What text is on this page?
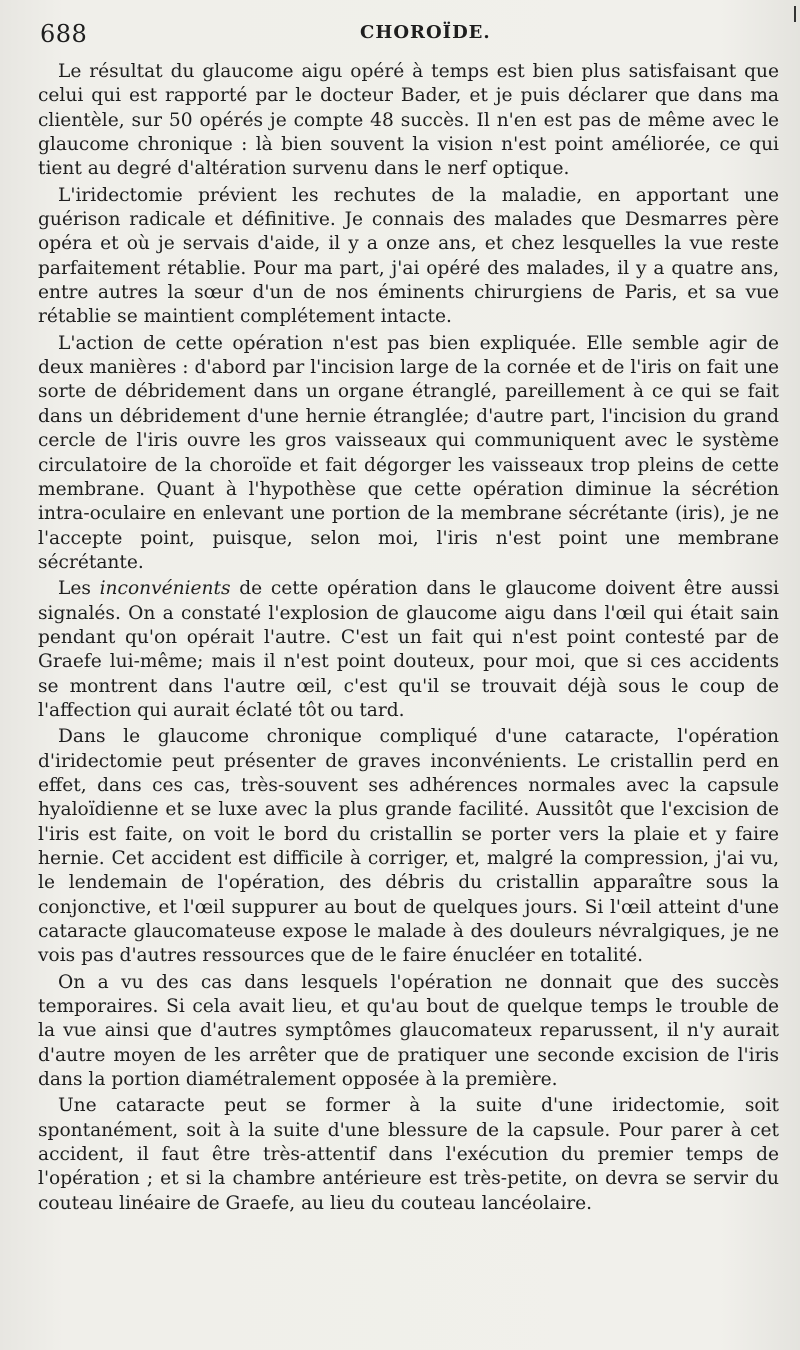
688	CHOROÏDE.

Le résultat du glaucome aigu opéré à temps est bien plus satisfaisant que celui qui est rapporté par le docteur Bader, et je puis déclarer que dans ma clientèle, sur 50 opérés je compte 48 succès. Il n'en est pas de même avec le glaucome chronique : là bien souvent la vision n'est point améliorée, ce qui tient au degré d'altération survenu dans le nerf optique.

L'iridectomie prévient les rechutes de la maladie, en apportant une guérison radicale et définitive. Je connais des malades que Desmarres père opéra et où je servais d'aide, il y a onze ans, et chez lesquelles la vue reste parfaitement rétablie. Pour ma part, j'ai opéré des malades, il y a quatre ans, entre autres la sœur d'un de nos éminents chirurgiens de Paris, et sa vue rétablie se maintient complétement intacte.

L'action de cette opération n'est pas bien expliquée. Elle semble agir de deux manières : d'abord par l'incision large de la cornée et de l'iris on fait une sorte de débridement dans un organe étranglé, pareillement à ce qui se fait dans un débridement d'une hernie étranglée; d'autre part, l'incision du grand cercle de l'iris ouvre les gros vaisseaux qui communiquent avec le système circulatoire de la choroïde et fait dégorger les vaisseaux trop pleins de cette membrane. Quant à l'hypothèse que cette opération diminue la sécrétion intra-oculaire en enlevant une portion de la membrane sécrétante (iris), je ne l'accepte point, puisque, selon moi, l'iris n'est point une membrane sécrétante.

Les inconvénients de cette opération dans le glaucome doivent être aussi signalés. On a constaté l'explosion de glaucome aigu dans l'œil qui était sain pendant qu'on opérait l'autre. C'est un fait qui n'est point contesté par de Graefe lui-même; mais il n'est point douteux, pour moi, que si ces accidents se montrent dans l'autre œil, c'est qu'il se trouvait déjà sous le coup de l'affection qui aurait éclaté tôt ou tard.

Dans le glaucome chronique compliqué d'une cataracte, l'opération d'iridectomie peut présenter de graves inconvénients. Le cristallin perd en effet, dans ces cas, très-souvent ses adhérences normales avec la capsule hyaloïdienne et se luxe avec la plus grande facilité. Aussitôt que l'excision de l'iris est faite, on voit le bord du cristallin se porter vers la plaie et y faire hernie. Cet accident est difficile à corriger, et, malgré la compression, j'ai vu, le lendemain de l'opération, des débris du cristallin apparaître sous la conjonctive, et l'œil suppurer au bout de quelques jours. Si l'œil atteint d'une cataracte glaucomateuse expose le malade à des douleurs névralgiques, je ne vois pas d'autres ressources que de le faire énucléer en totalité.

On a vu des cas dans lesquels l'opération ne donnait que des succès temporaires. Si cela avait lieu, et qu'au bout de quelque temps le trouble de la vue ainsi que d'autres symptômes glaucomateux reparussent, il n'y aurait d'autre moyen de les arrêter que de pratiquer une seconde excision de l'iris dans la portion diamétralement opposée à la première.

Une cataracte peut se former à la suite d'une iridectomie, soit spontanément, soit à la suite d'une blessure de la capsule. Pour parer à cet accident, il faut être très-attentif dans l'exécution du premier temps de l'opération ; et si la chambre antérieure est très-petite, on devra se servir du couteau linéaire de Graefe, au lieu du couteau lancéolaire.
